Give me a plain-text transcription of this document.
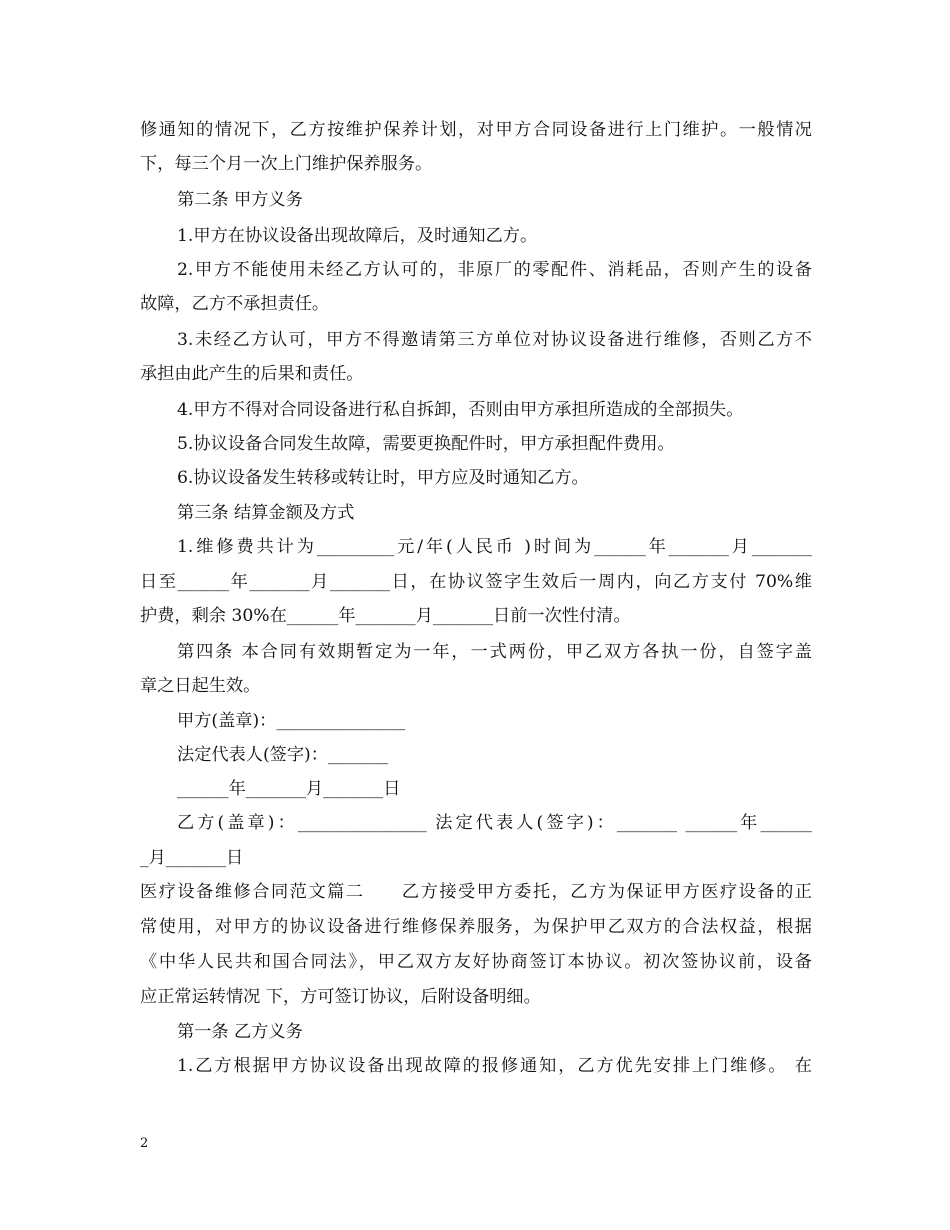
修通知的情况下，乙方按维护保养计划，对甲方合同设备进行上门维护。一般情况
下，每三个月一次上门维护保养服务。
第二条 甲方义务
1.甲方在协议设备出现故障后，及时通知乙方。
2.甲方不能使用未经乙方认可的，非原厂的零配件、消耗品，否则产生的设备
故障，乙方不承担责任。
3.未经乙方认可，甲方不得邀请第三方单位对协议设备进行维修，否则乙方不
承担由此产生的后果和责任。
4.甲方不得对合同设备进行私自拆卸，否则由甲方承担所造成的全部损失。
5.协议设备合同发生故障，需要更换配件时，甲方承担配件费用。
6.协议设备发生转移或转让时，甲方应及时通知乙方。
第三条 结算金额及方式
1.维修费共计为_________元/年(人民币 )时间为______年_______月_______
日至______年_______月_______日，在协议签字生效后一周内，向乙方支付 70%维
护费，剩余 30%在______年_______月_______日前一次性付清。
第四条 本合同有效期暂定为一年，一式两份，甲乙双方各执一份，自签字盖
章之日起生效。
甲方(盖章)：_______________
法定代表人(签字)：_______
______年_______月_______日
乙方(盖章)：_______________ 法定代表人(签字)：_______ ______年______
_月_______日
医疗设备维修合同范文篇二　　乙方接受甲方委托，乙方为保证甲方医疗设备的正
常使用，对甲方的协议设备进行维修保养服务，为保护甲乙双方的合法权益，根据
《中华人民共和国合同法》，甲乙双方友好协商签订本协议。初次签协议前，设备
应正常运转情况 下，方可签订协议，后附设备明细。
第一条 乙方义务
1.乙方根据甲方协议设备出现故障的报修通知，乙方优先安排上门维修。 在
2
